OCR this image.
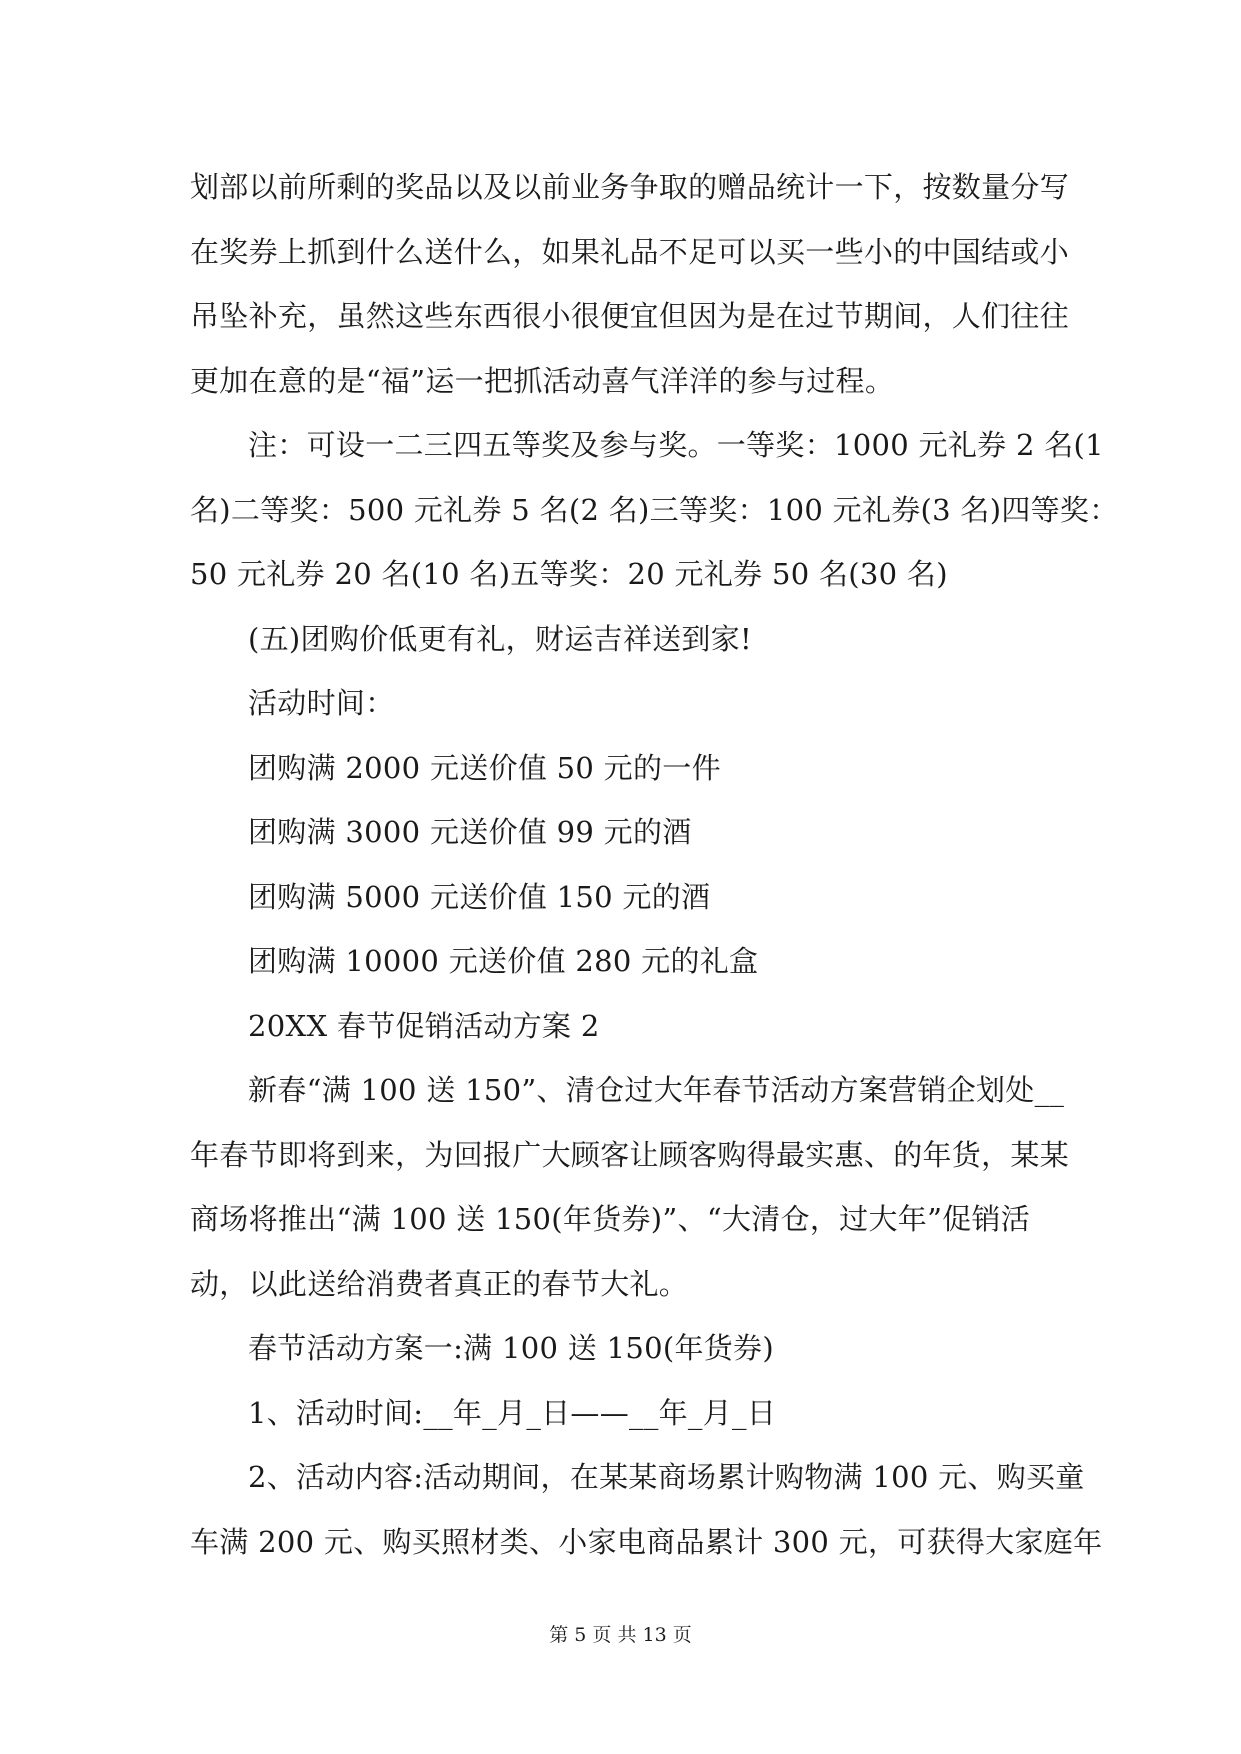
划部以前所剩的奖品以及以前业务争取的赠品统计一下，按数量分写
在奖券上抓到什么送什么，如果礼品不足可以买一些小的中国结或小
吊坠补充，虽然这些东西很小很便宜但因为是在过节期间，人们往往
更加在意的是“福”运一把抓活动喜气洋洋的参与过程。
注：可设一二三四五等奖及参与奖。一等奖：1000 元礼券 2 名(1
名)二等奖：500 元礼券 5 名(2 名)三等奖：100 元礼券(3 名)四等奖：
50 元礼券 20 名(10 名)五等奖：20 元礼券 50 名(30 名)
(五)团购价低更有礼，财运吉祥送到家!
活动时间：
团购满 2000 元送价值 50 元的一件
团购满 3000 元送价值 99 元的酒
团购满 5000 元送价值 150 元的酒
团购满 10000 元送价值 280 元的礼盒
20XX 春节促销活动方案 2
新春“满 100 送 150”、清仓过大年春节活动方案营销企划处__
年春节即将到来，为回报广大顾客让顾客购得最实惠、的年货，某某
商场将推出“满 100 送 150(年货券)”、“大清仓，过大年”促销活
动，以此送给消费者真正的春节大礼。
春节活动方案一:满 100 送 150(年货券)
1、活动时间:__年_月_日——__年_月_日
2、活动内容:活动期间，在某某商场累计购物满 100 元、购买童
车满 200 元、购买照材类、小家电商品累计 300 元，可获得大家庭年
第 5 页 共 13 页
